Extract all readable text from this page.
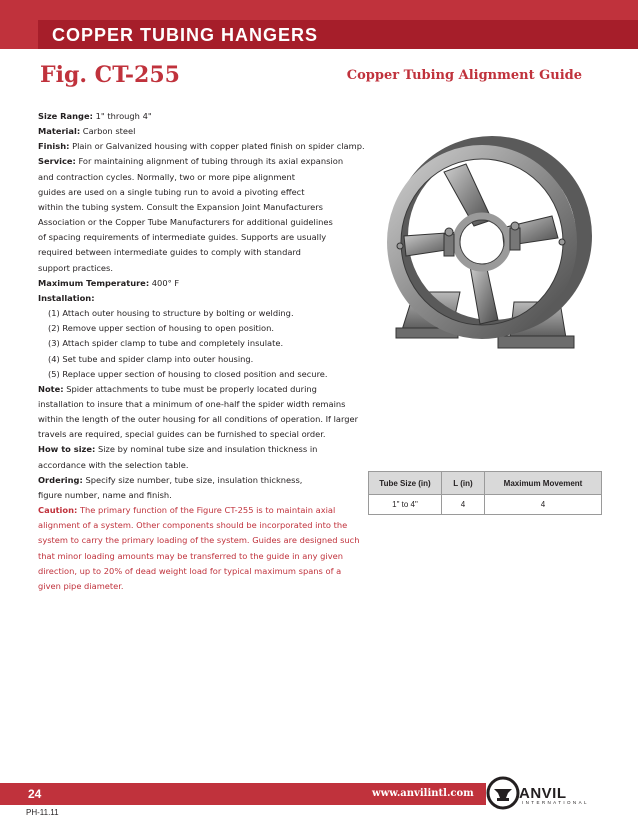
COPPER TUBING HANGERS
Fig. CT-255	Copper Tubing Alignment Guide

Size Range: 1" through 4"

Material: Carbon steel

Finish: Plain or Galvanized housing with copper plated finish on spider clamp.

Service: For maintaining alignment of tubing through its axial expansion

and contraction cycles. Normally, two or more pipe alignment

guides are used on a single tubing run to avoid a pivoting effect

within the tubing system. Consult the Expansion Joint Manufacturers

Association or the Copper Tube Manufacturers for additional guidelines

of spacing requirements of intermediate guides. Supports are usually

required between intermediate guides to comply with standard

support practices.

Maximum Temperature: 400° F

Installation:

(1) Attach outer housing to structure by bolting or welding.

(2) Remove upper section of housing to open position.

(3) Attach spider clamp to tube and completely insulate.

(4) Set tube and spider clamp into outer housing.

(5) Replace upper section of housing to closed position and secure.

Note: Spider attachments to tube must be properly located during

installation to insure that a minimum of one-half the spider width remains

within the length of the outer housing for all conditions of operation. If larger

travels are required, special guides can be furnished to special order.

How to size: Size by nominal tube size and insulation thickness in

accordance with the selection table.

Ordering: Specify size number, tube size, insulation thickness,

figure number, name and finish.

Caution: The primary function of the Figure CT-255 is to maintain axial

alignment of a system. Other components should be incorporated into the

system to carry the primary loading of the system. Guides are designed such

that minor loading amounts may be transferred to the guide in any given

direction, up to 20% of dead weight load for typical maximum spans of a

given pipe diameter.

Tube Size (in)	L (in)	Maximum Movement
1" to 4"	4	4
24	www.anvilintl.com
PH-11.11
ANVIL
INTERNATIONAL
